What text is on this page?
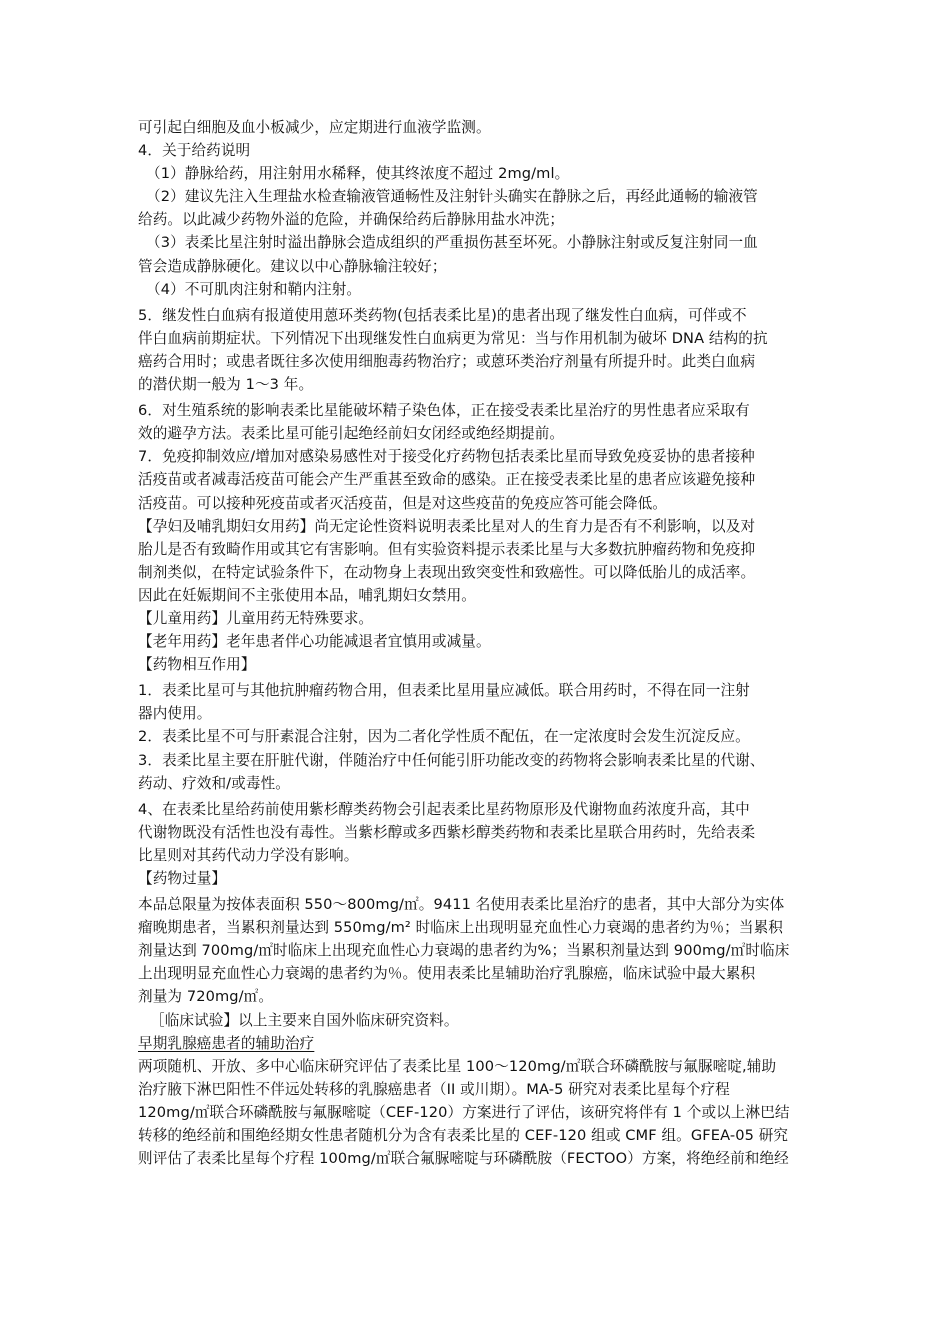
可引起白细胞及血小板减少，应定期进行血液学监测。
4．关于给药说明
（1）静脉给药，用注射用水稀释，使其终浓度不超过 2mg/ml。
（2）建议先注入生理盐水检查输液管通畅性及注射针头确实在静脉之后，再经此通畅的输液管
给药。以此减少药物外溢的危险，并确保给药后静脉用盐水冲洗；
（3）表柔比星注射时溢出静脉会造成组织的严重损伤甚至坏死。小静脉注射或反复注射同一血
管会造成静脉硬化。建议以中心静脉输注较好；
（4）不可肌肉注射和鞘内注射。
5．继发性白血病有报道使用蒽环类药物(包括表柔比星)的患者出现了继发性白血病，可伴或不
伴白血病前期症状。下列情况下出现继发性白血病更为常见：当与作用机制为破坏 DNA 结构的抗
癌药合用时；或患者既往多次使用细胞毒药物治疗；或蒽环类治疗剂量有所提升时。此类白血病
的潜伏期一般为 1～3 年。
6．对生殖系统的影响表柔比星能破坏精子染色体，正在接受表柔比星治疗的男性患者应采取有
效的避孕方法。表柔比星可能引起绝经前妇女闭经或绝经期提前。
7．免疫抑制效应/增加对感染易感性对于接受化疗药物包括表柔比星而导致免疫妥协的患者接种
活疫苗或者减毒活疫苗可能会产生严重甚至致命的感染。正在接受表柔比星的患者应该避免接种
活疫苗。可以接种死疫苗或者灭活疫苗，但是对这些疫苗的免疫应答可能会降低。
【孕妇及哺乳期妇女用药】尚无定论性资料说明表柔比星对人的生育力是否有不利影响，以及对
胎儿是否有致畸作用或其它有害影响。但有实验资料提示表柔比星与大多数抗肿瘤药物和免疫抑
制剂类似，在特定试验条件下，在动物身上表现出致突变性和致癌性。可以降低胎儿的成活率。
因此在妊娠期间不主张使用本品，哺乳期妇女禁用。
【儿童用药】儿童用药无特殊要求。
【老年用药】老年患者伴心功能减退者宜慎用或减量。
【药物相互作用】
1．表柔比星可与其他抗肿瘤药物合用，但表柔比星用量应减低。联合用药时，不得在同一注射
器内使用。
2．表柔比星不可与肝素混合注射，因为二者化学性质不配伍，在一定浓度时会发生沉淀反应。
3．表柔比星主要在肝脏代谢，伴随治疗中任何能引肝功能改变的药物将会影响表柔比星的代谢、
药动、疗效和/或毒性。
4、在表柔比星给药前使用紫杉醇类药物会引起表柔比星药物原形及代谢物血药浓度升高，其中
代谢物既没有活性也没有毒性。当紫杉醇或多西紫杉醇类药物和表柔比星联合用药时，先给表柔
比星则对其药代动力学没有影响。
【药物过量】
本品总限量为按体表面积 550～800mg/㎡。9411 名使用表柔比星治疗的患者，其中大部分为实体
瘤晚期患者，当累积剂量达到 550mg/m² 时临床上出现明显充血性心力衰竭的患者约为％；当累积
剂量达到 700mg/㎡时临床上出现充血性心力衰竭的患者约为%；当累积剂量达到 900mg/㎡时临床
上出现明显充血性心力衰竭的患者约为％。使用表柔比星辅助治疗乳腺癌，临床试验中最大累积
剂量为 720mg/㎡。
［临床试验】以上主要来自国外临床研究资料。
早期乳腺癌患者的辅助治疗
两项随机、开放、多中心临床研究评估了表柔比星 100～120mg/㎡联合环磷酰胺与氟脲嘧啶,辅助
治疗腋下淋巴阳性不伴远处转移的乳腺癌患者（II 或川期）。MA-5 研究对表柔比星每个疗程
120mg/㎡联合环磷酰胺与氟脲嘧啶（CEF-120）方案进行了评估，该研究将伴有 1 个或以上淋巴结
转移的绝经前和围绝经期女性患者随机分为含有表柔比星的 CEF-120 组或 CMF 组。GFEA-05 研究
则评估了表柔比星每个疗程 100mg/㎡联合氟脲嘧啶与环磷酰胺（FECTOO）方案，将绝经前和绝经
